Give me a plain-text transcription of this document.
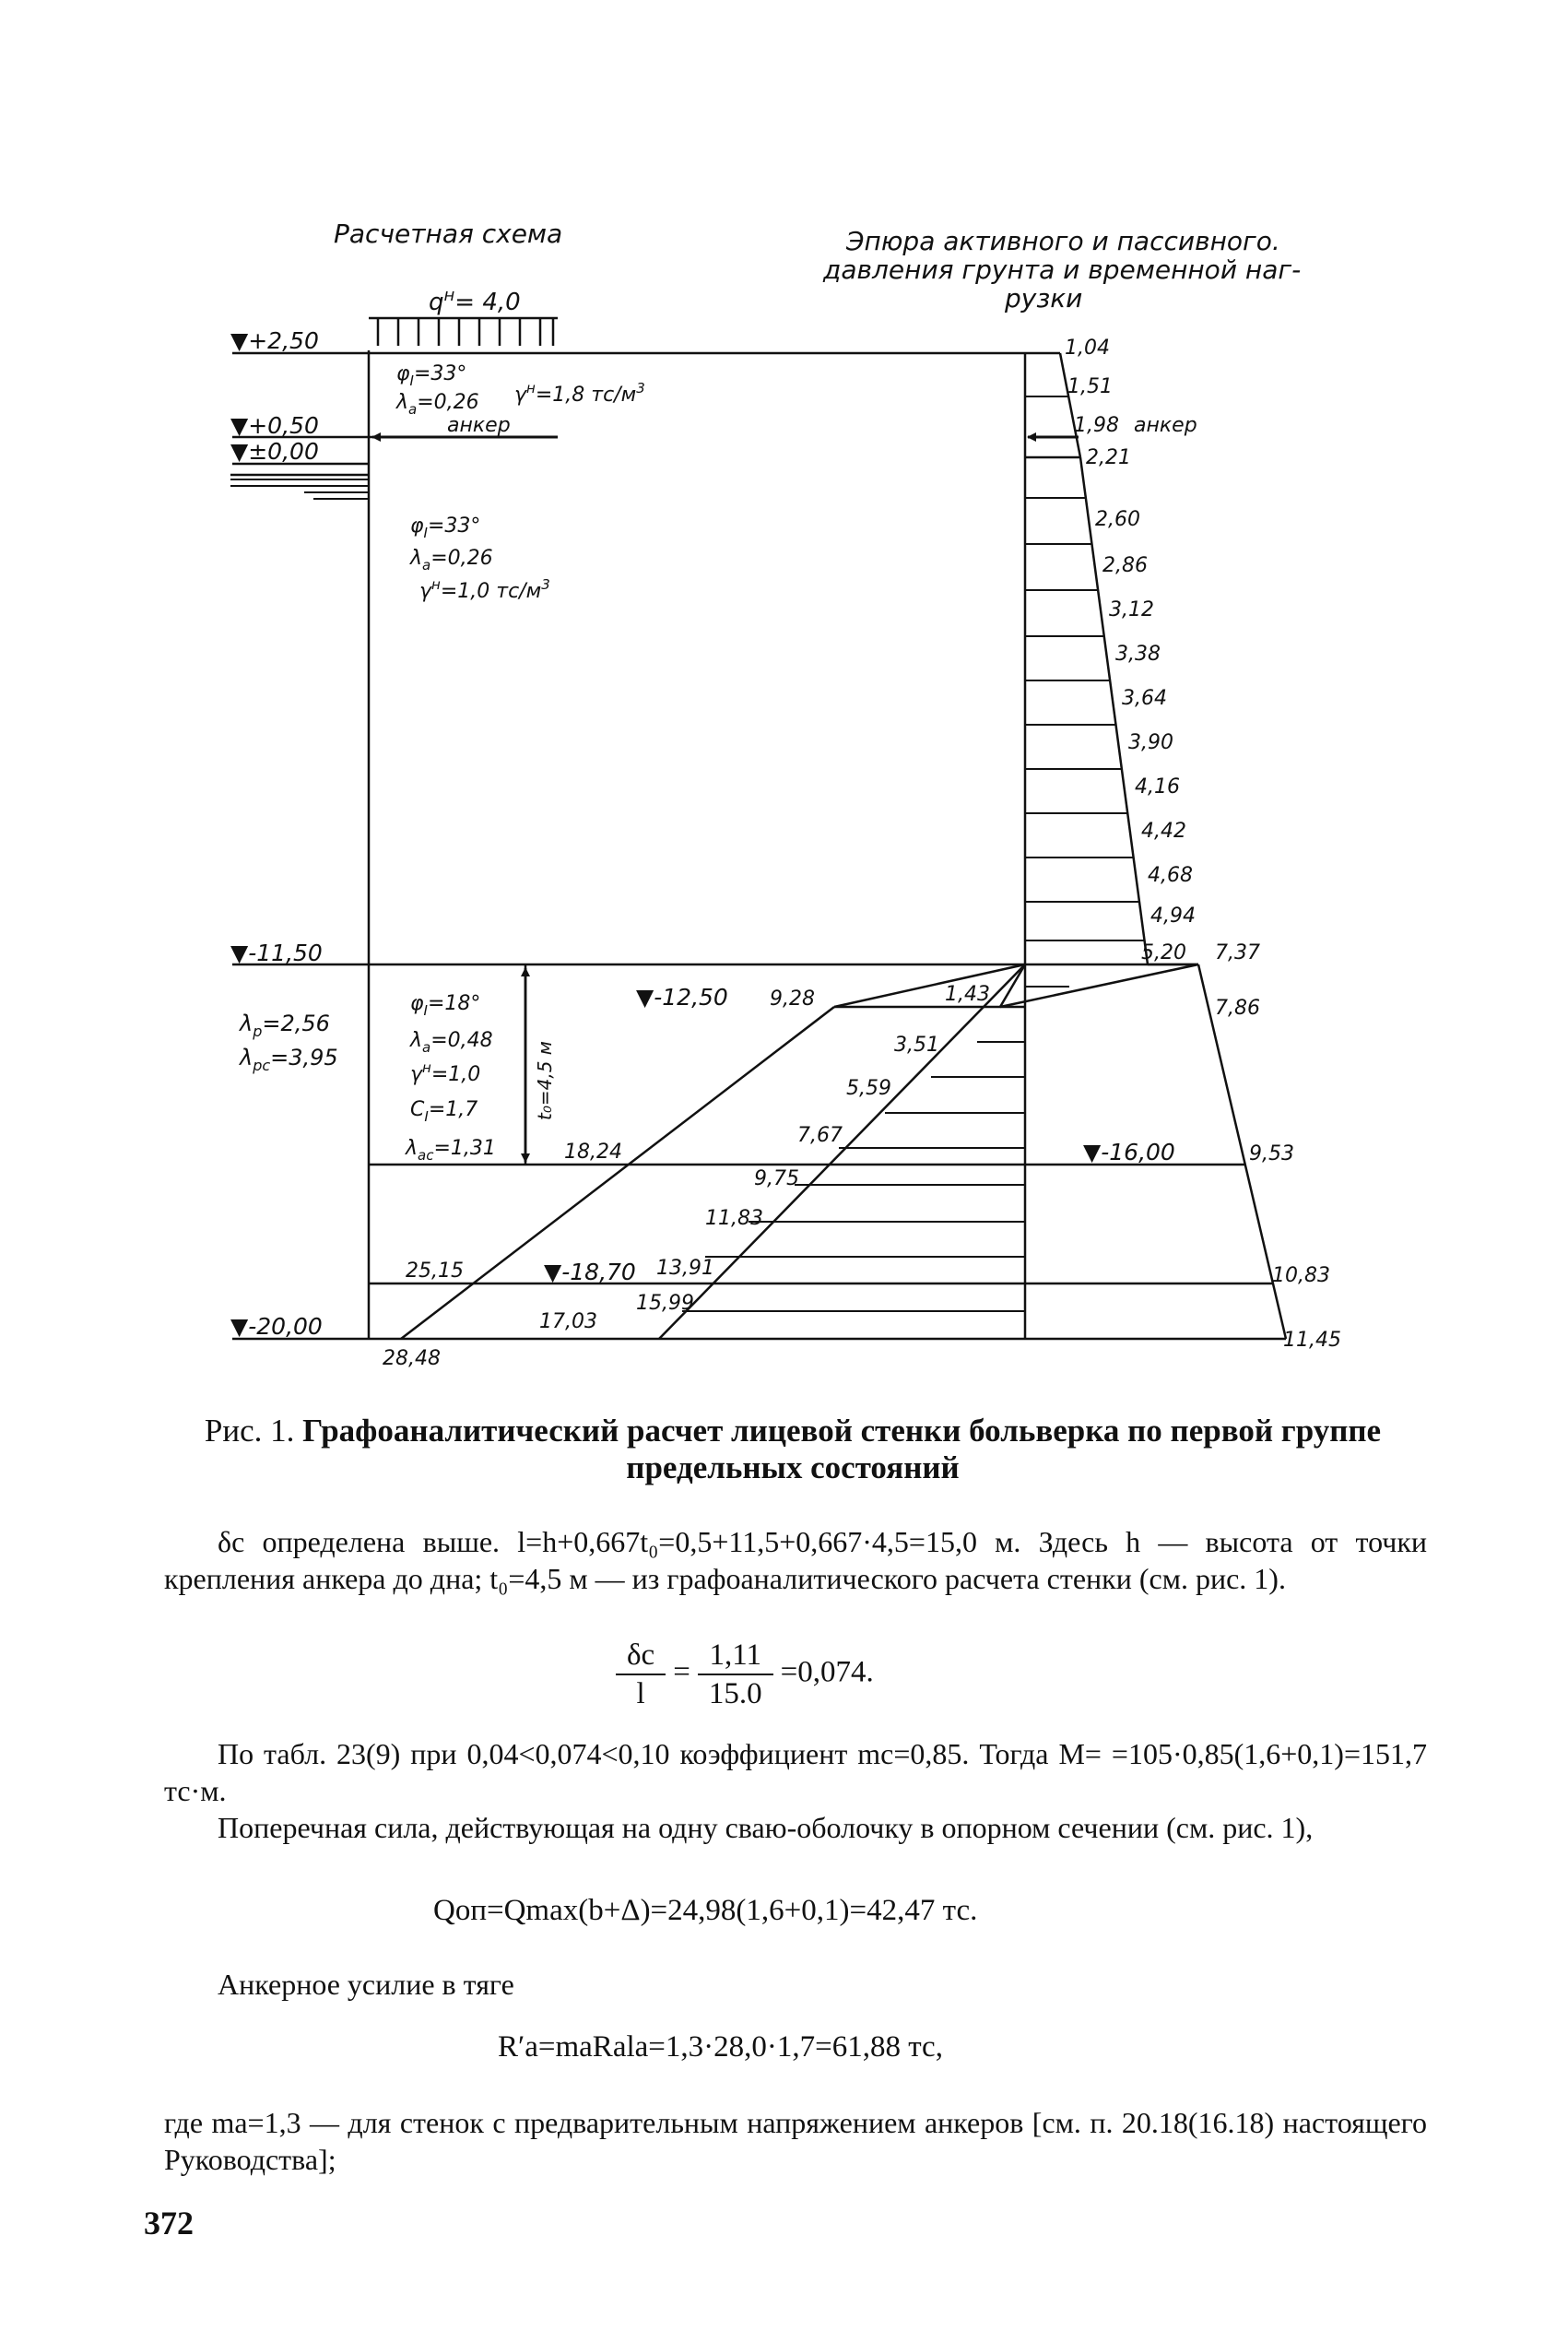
Расчетная схема	Эпюра активного и пассивного.
давления грунта и временной наг-
рузки
$q^н= 4,0$
▼+2,50
▼+0,50
▼±0,00
▼-11,50
▼-20,00
▼-12,50
▼-16,00
▼-18,70
$\varphi_I=33^\circ$
$\lambda_a=0,26$ $\gamma^н=1,8$ $тс/м^3$
анкер
$\varphi_I=33^\circ$
$\lambda_a=0,26$
$\gamma^н=1,0$ $тс/м^3$
$\lambda_p=2,56$
$\lambda_{pc}=3,95$
$\varphi_I=18^\circ$
$\lambda_a=0,48$
$\gamma^н=1,0$
$C_I=1,7$
$\lambda_{ac}=1,31$
t₀=4,5 м
1,04
1,51
1,98
2,21
2,60
2,86
3,12
3,38
3,64
3,90
4,16
4,42
4,68
4,94
5,20
анкер
7,37
7,86
9,53
10,83
11,45
1,43
3,51
5,59
7,67
9,75
11,83
13,91
15,99
9,28
18,24
25,15
17,03
28,48
Рис. 1. Графоаналитический расчет лицевой стенки больверка по первой группе предельных состояний
δc определена выше. l=h+0,667t₀=0,5+11,5+0,667·4,5=15,0 м. Здесь h — высота от точки крепления анкера до дна; t₀=4,5 м — из графоаналитического расчета стенки (см. рис. 1).
$\frac{\delta c}{l} = \frac{1,11}{15.0} =0,074$.
По табл. 23(9) при 0,04<0,074<0,10 коэффициент mc=0,85. Тогда M= =105·0,85(1,6+0,1)=151,7 тс·м.
Поперечная сила, действующая на одну сваю-оболочку в опорном сечении (см. рис. 1),
Qоп=Qmax(b+Δ)=24,98(1,6+0,1)=42,47 тс.
Анкерное усилие в тяге
R′a=maRala=1,3·28,0·1,7=61,88 тс,
где ma=1,3 — для стенок с предварительным напряжением анкеров [см. п. 20.18(16.18) настоящего Руководства];
372
